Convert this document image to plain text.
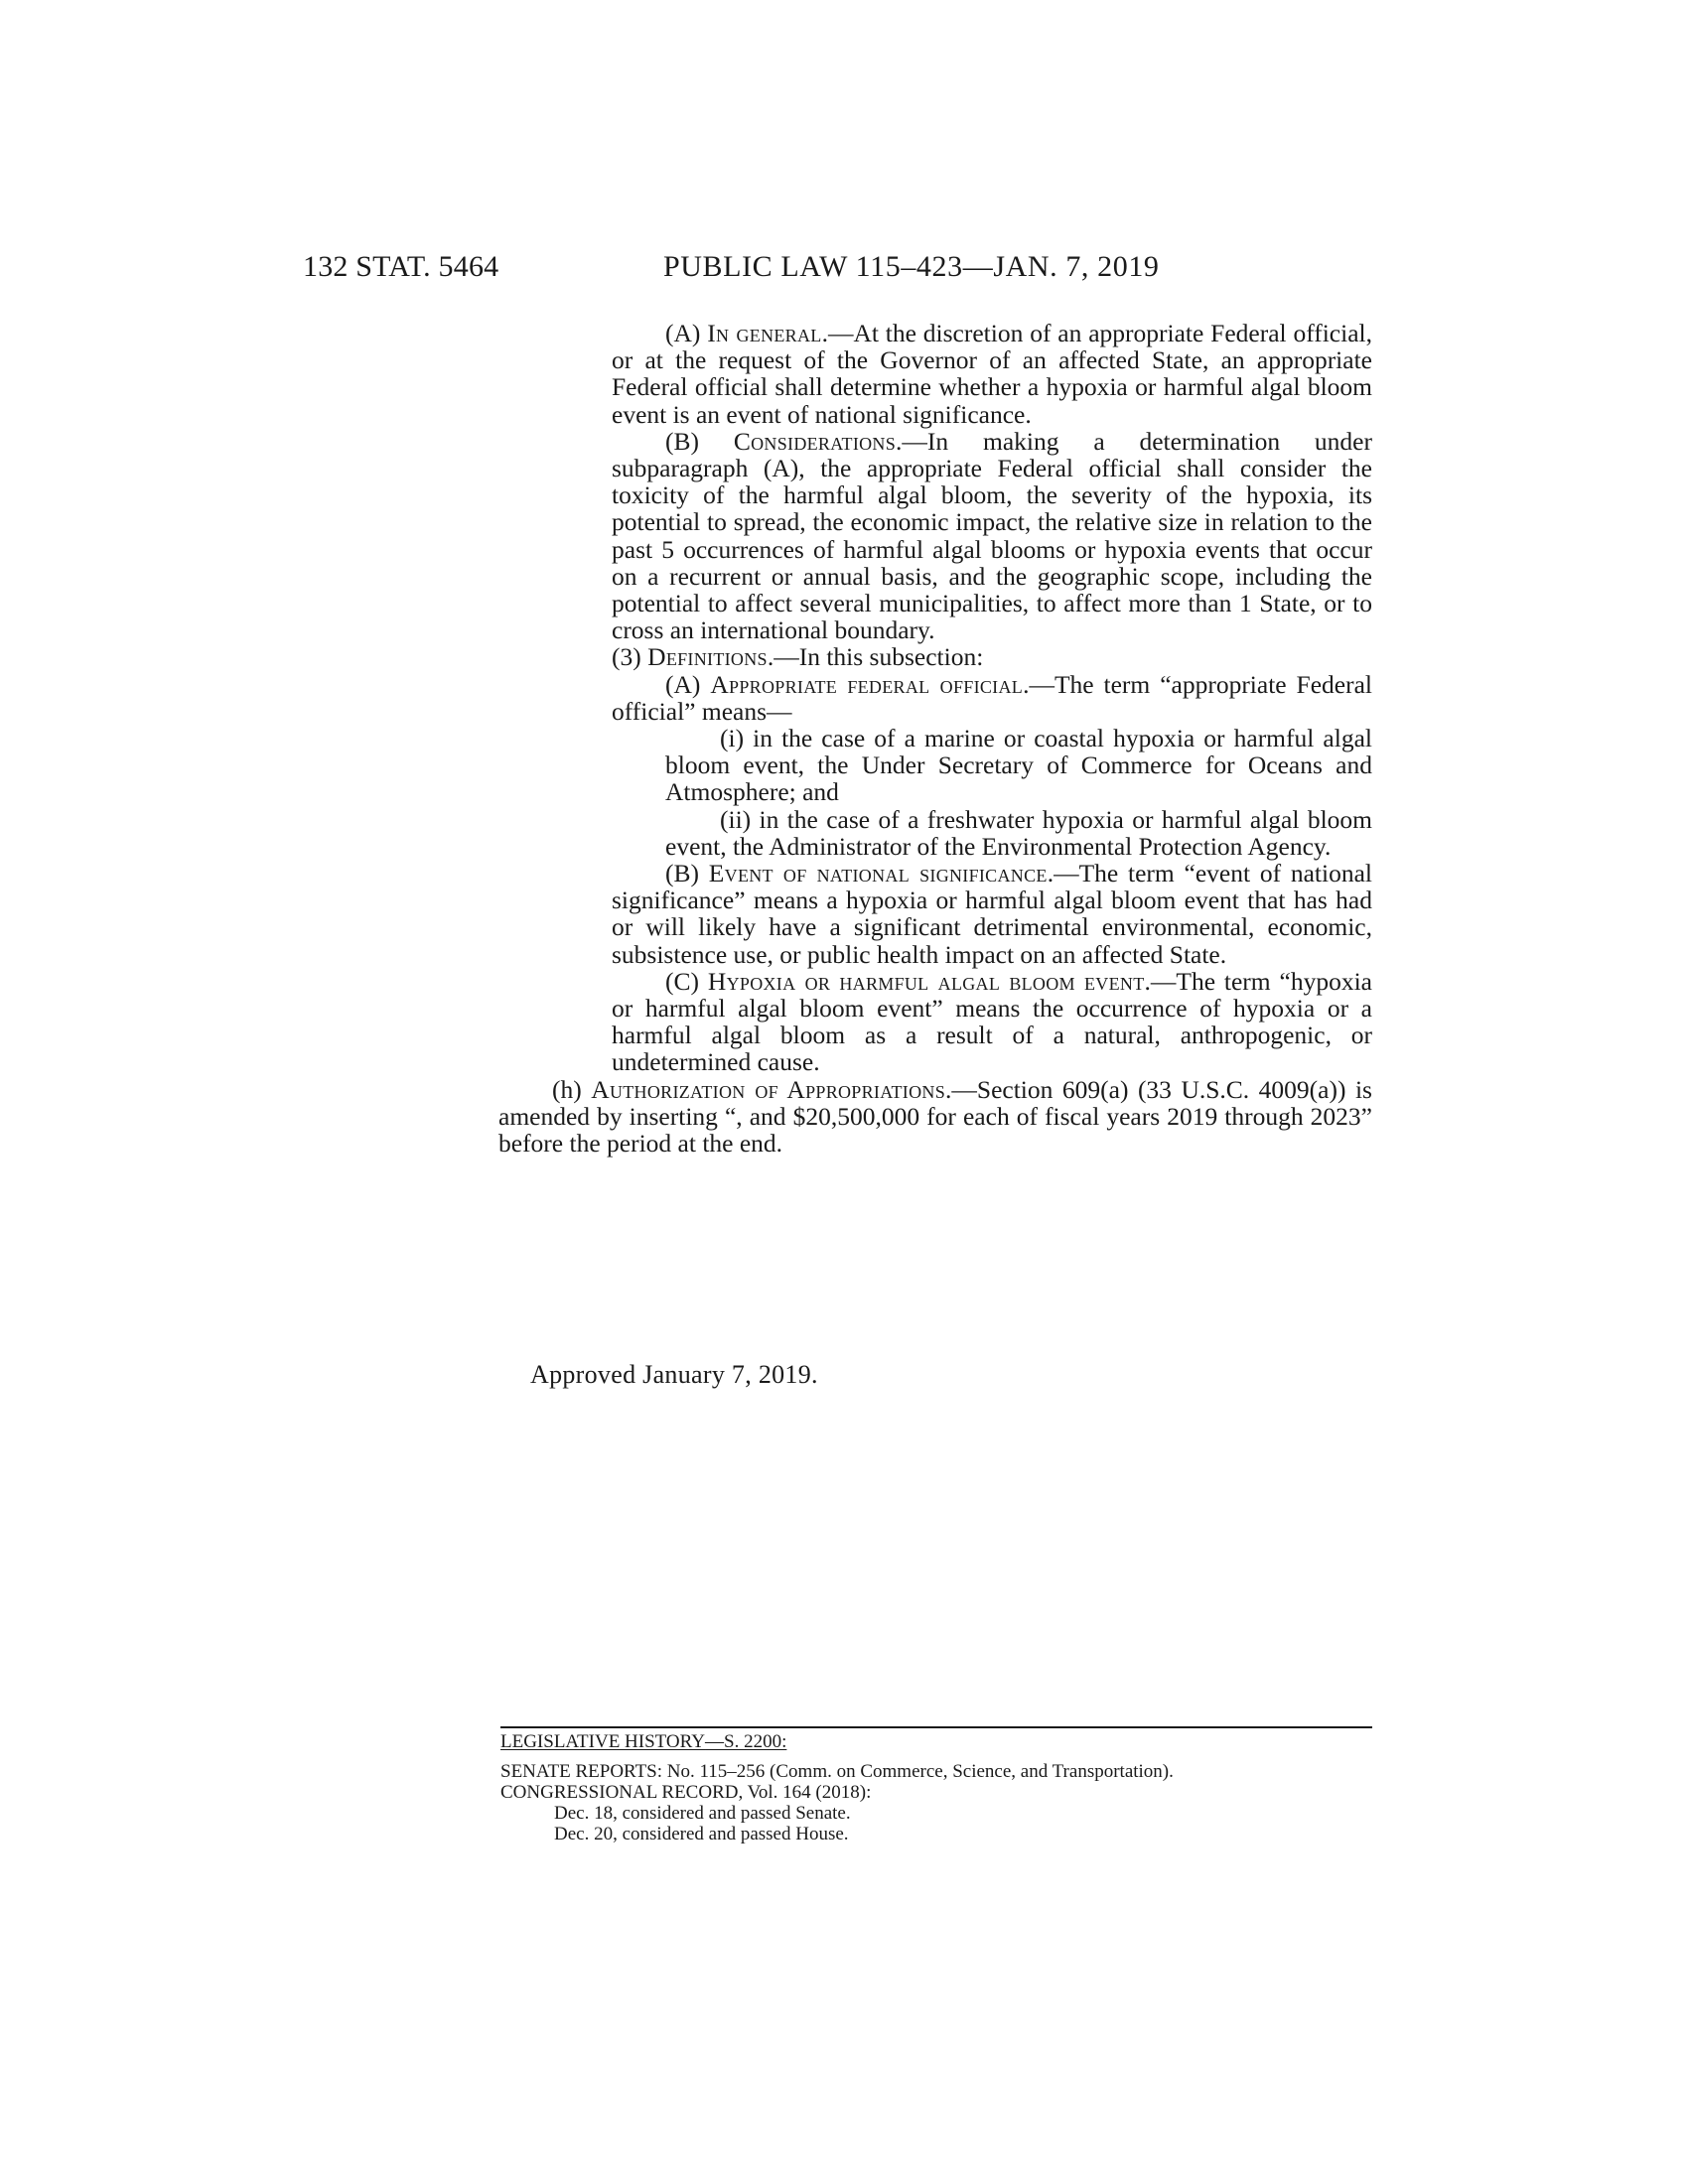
132 STAT. 5464	PUBLIC LAW 115–423—JAN. 7, 2019

(A) In general.—At the discretion of an appropriate Federal official, or at the request of the Governor of an affected State, an appropriate Federal official shall determine whether a hypoxia or harmful algal bloom event is an event of national significance.

(B) Considerations.—In making a determination under subparagraph (A), the appropriate Federal official shall consider the toxicity of the harmful algal bloom, the severity of the hypoxia, its potential to spread, the economic impact, the relative size in relation to the past 5 occurrences of harmful algal blooms or hypoxia events that occur on a recurrent or annual basis, and the geographic scope, including the potential to affect several municipalities, to affect more than 1 State, or to cross an international boundary.

(3) Definitions.—In this subsection:

(A) Appropriate federal official.—The term “appropriate Federal official” means—

(i) in the case of a marine or coastal hypoxia or harmful algal bloom event, the Under Secretary of Commerce for Oceans and Atmosphere; and

(ii) in the case of a freshwater hypoxia or harmful algal bloom event, the Administrator of the Environmental Protection Agency.

(B) Event of national significance.—The term “event of national significance” means a hypoxia or harmful algal bloom event that has had or will likely have a significant detrimental environmental, economic, subsistence use, or public health impact on an affected State.

(C) Hypoxia or harmful algal bloom event.—The term “hypoxia or harmful algal bloom event” means the occurrence of hypoxia or a harmful algal bloom as a result of a natural, anthropogenic, or undetermined cause.

(h) Authorization of Appropriations.—Section 609(a) (33 U.S.C. 4009(a)) is amended by inserting “, and $20,500,000 for each of fiscal years 2019 through 2023” before the period at the end.

Approved January 7, 2019.

LEGISLATIVE HISTORY—S. 2200:

SENATE REPORTS: No. 115–256 (Comm. on Commerce, Science, and Transportation).

CONGRESSIONAL RECORD, Vol. 164 (2018):

Dec. 18, considered and passed Senate.

Dec. 20, considered and passed House.
